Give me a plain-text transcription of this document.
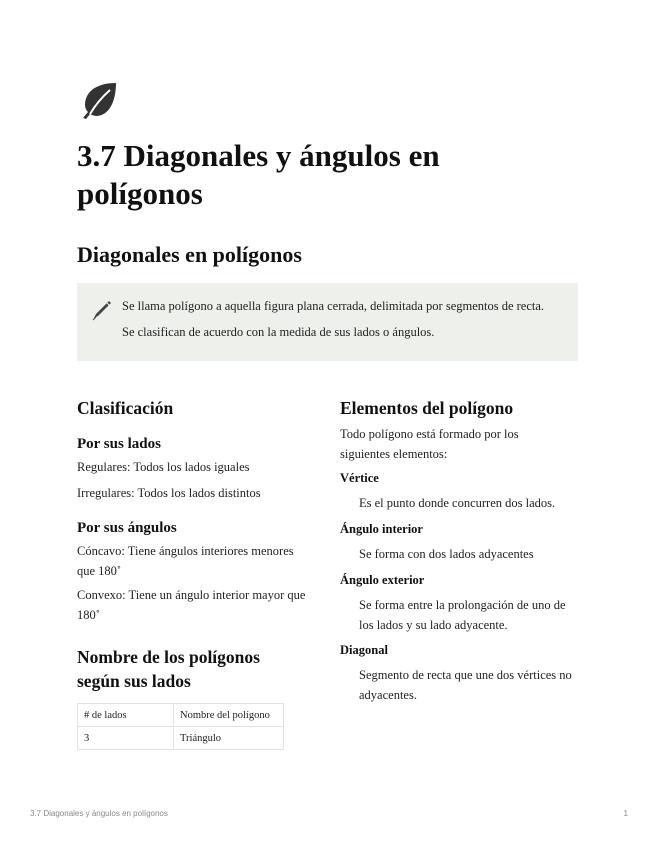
3.7 Diagonales y ángulos en polígonos
Diagonales en polígonos
Se llama polígono a aquella figura plana cerrada, delimitada por segmentos de recta.
Se clasifican de acuerdo con la medida de sus lados o ángulos.
Clasificación
Por sus lados
Regulares: Todos los lados iguales
Irregulares: Todos los lados distintos
Por sus ángulos
Cóncavo: Tiene ángulos interiores menores que 180˚
Convexo: Tiene un ángulo interior mayor que 180˚
Nombre de los polígonos según sus lados
# de lados	Nombre del polígono
3	Triángulo
Elementos del polígono
Todo polígono está formado por los siguientes elementos:
Vértice
Es el punto donde concurren dos lados.
Ángulo interior
Se forma con dos lados adyacentes
Ángulo exterior
Se forma entre la prolongación de uno de los lados y su lado adyacente.
Diagonal
Segmento de recta que une dos vértices no adyacentes.
3.7 Diagonales y ángulos en polígonos	1
